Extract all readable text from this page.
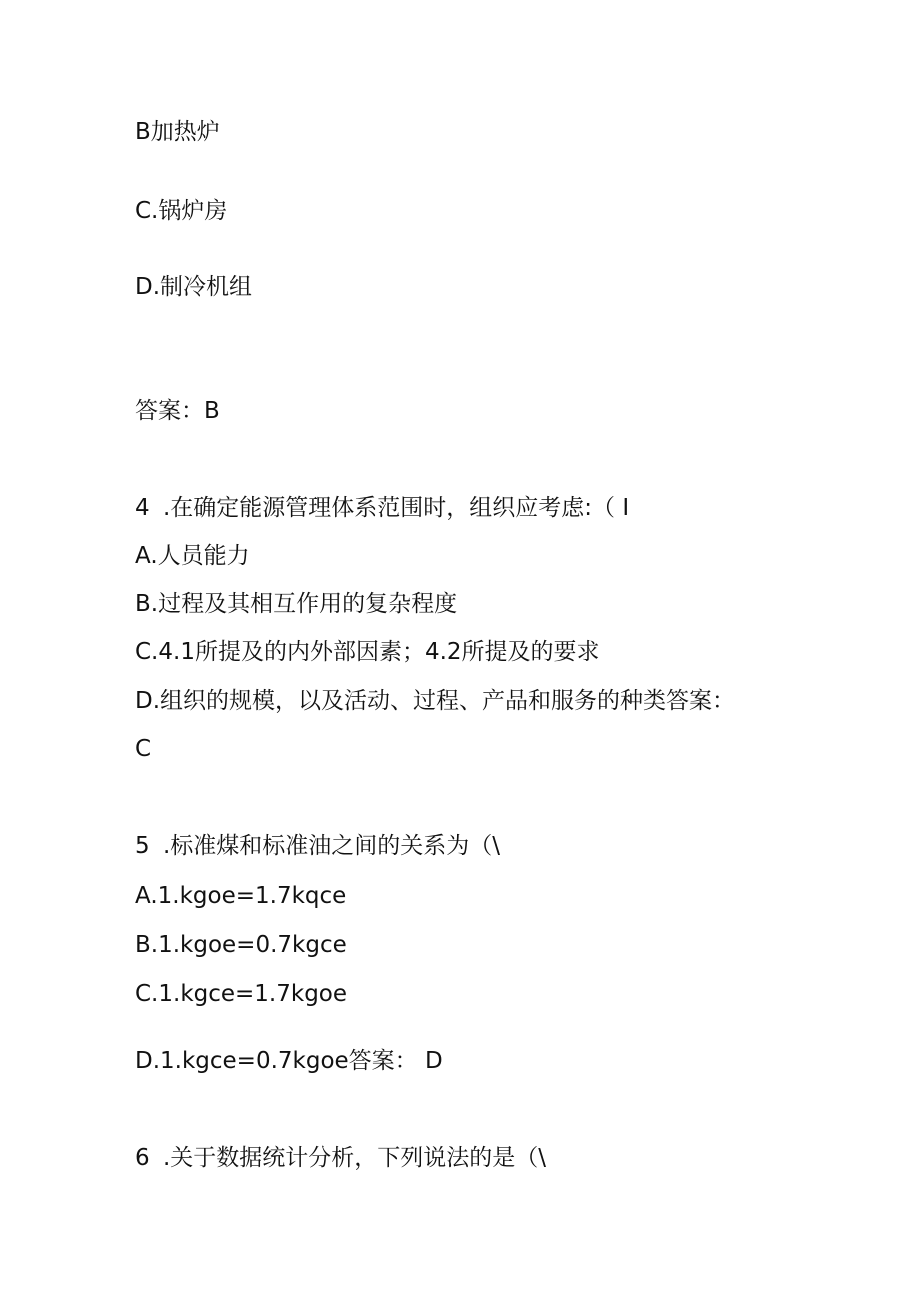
B加热炉

C.锅炉房

D.制冷机组

答案：B

4 .在确定能源管理体系范围时，组织应考虑:（ I

A.人员能力

B.过程及其相互作用的复杂程度

C.4.1所提及的内外部因素；4.2所提及的要求

D.组织的规模，以及活动、过程、产品和服务的种类答案：

C

5 .标准煤和标准油之间的关系为（\

A.1.kgoe=1.7kqce

B.1.kgoe=0.7kgce

C.1.kgce=1.7kgoe

D.1.kgce=0.7kgoe答案： D

6 .关于数据统计分析，下列说法的是（\
